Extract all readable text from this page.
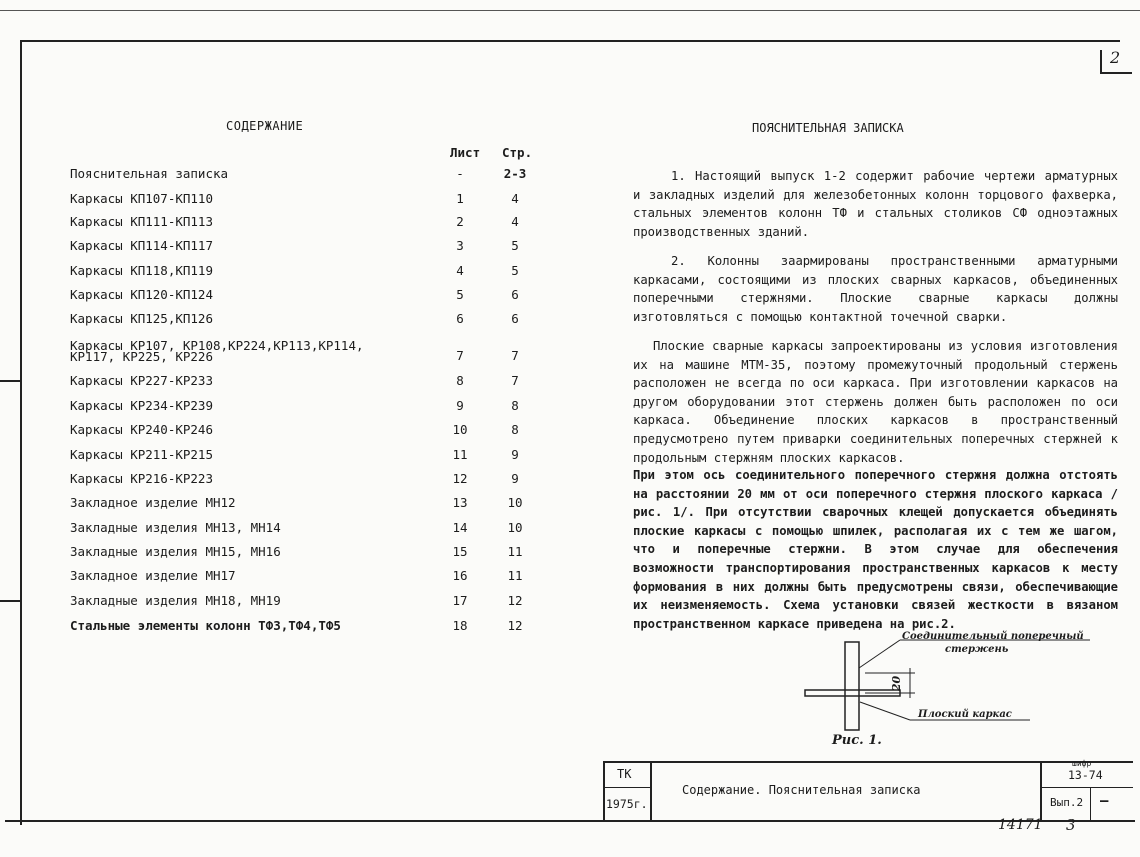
2
СОДЕРЖАНИЕ
Лист Стр.
Пояснительная записка	-	2-3
Каркасы КП107-КП110	1	4
Каркасы КП111-КП113	2	4
Каркасы КП114-КП117	3	5
Каркасы КП118,КП119	4	5
Каркасы КП120-КП124	5	6
Каркасы КП125,КП126	6	6
Каркасы КР107, КР108,КР224,КР113,КР114,
КР117, КР225, КР226	7	7
Каркасы КР227-КР233	8	7
Каркасы КР234-КР239	9	8
Каркасы КР240-КР246	10	8
Каркасы КР211-КР215	11	9
Каркасы КР216-КР223	12	9
Закладное изделие МН12	13	10
Закладные изделия МН13, МН14	14	10
Закладные изделия МН15, МН16	15	11
Закладное изделие МН17	16	11
Закладные изделия МН18, МН19	17	12
Стальные элементы колонн ТФ3,ТФ4,ТФ5	18	12
ПОЯСНИТЕЛЬНАЯ ЗАПИСКА
1. Настоящий выпуск 1-2 содержит рабочие чертежи арматурных и закладных изделий для железобетонных колонн торцового фахверка, стальных элементов колонн ТФ и стальных столиков СФ одноэтажных производственных зданий.
2. Колонны заармированы пространственными арматурными каркасами, состоящими из плоских сварных каркасов, объединенных поперечными стержнями. Плоские сварные каркасы должны изготовляться с помощью контактной точечной сварки.
Плоские сварные каркасы запроектированы из условия изготовления их на машине МТМ-35, поэтому промежуточный продольный стержень расположен не всегда по оси каркаса. При изготовлении каркасов на другом оборудовании этот стержень должен быть расположен по оси каркаса. Объединение плоских каркасов в пространственный предусмотрено путем приварки соединительных поперечных стержней к продольным стержням плоских каркасов.
При этом ось соединительного поперечного стержня должна отстоять на расстоянии 20 мм от оси поперечного стержня плоского каркаса /рис. 1/. При отсутствии сварочных клещей допускается объединять плоские каркасы с помощью шпилек, располагая их с тем же шагом, что и поперечные стержни. В этом случае для обеспечения возможности транспортирования пространственных каркасов к месту формования в них должны быть предусмотрены связи, обеспечивающие их неизменяемость. Схема установки связей жесткости в вязаном пространственном каркасе приведена на рис.2.
Соединительный поперечный
стержень
20
Плоский каркас
Рис. 1.
ТК
1975г.
Содержание. Пояснительная записка
шифр
13-74
Вып.2 —
14171 3
